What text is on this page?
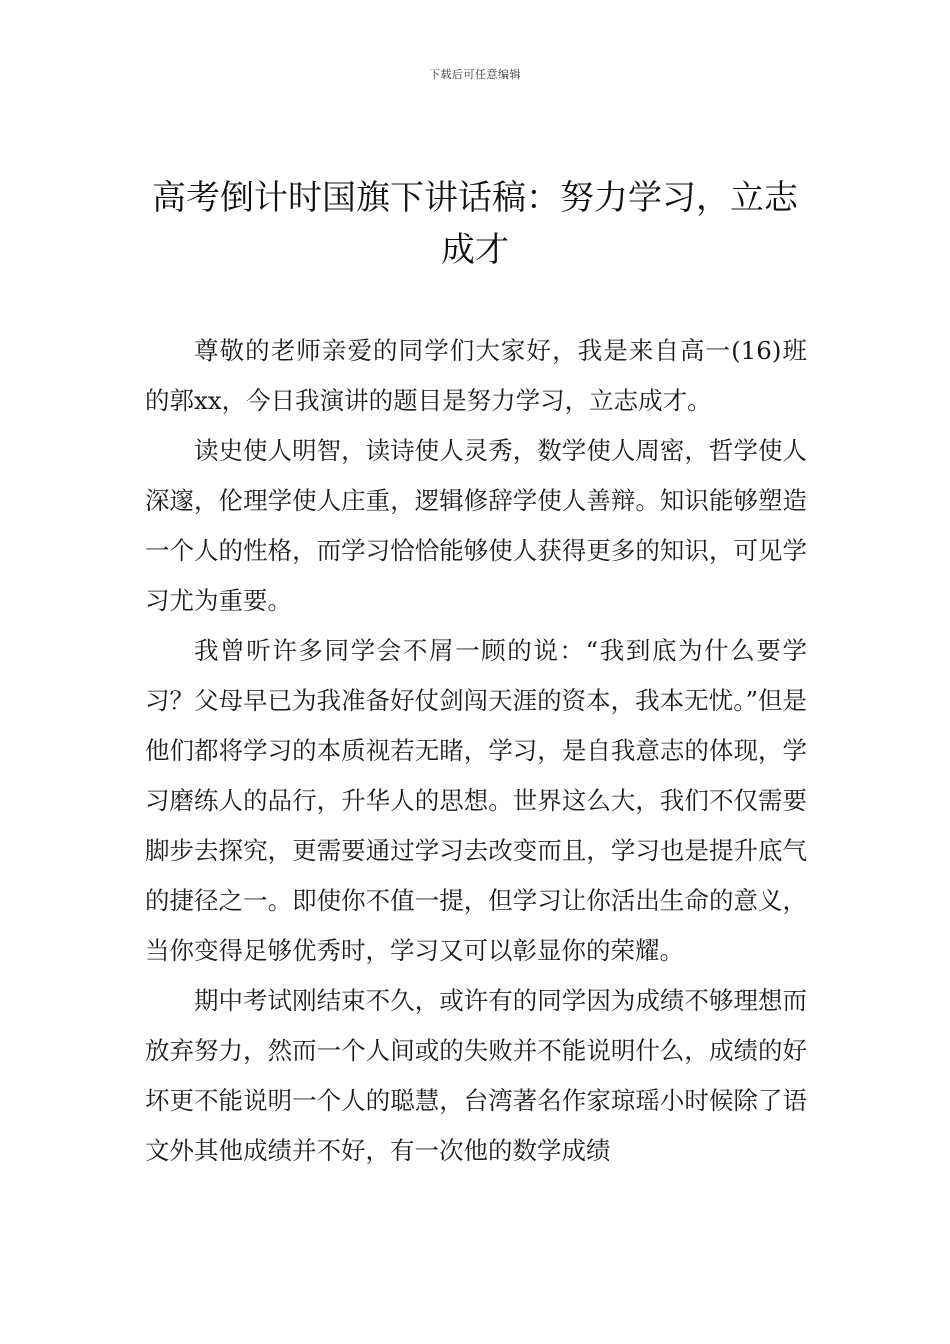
下载后可任意编辑
高考倒计时国旗下讲话稿：努力学习，立志成才

尊敬的老师亲爱的同学们大家好，我是来自高一(16)班的郭xx，今日我演讲的题目是努力学习，立志成才。

读史使人明智，读诗使人灵秀，数学使人周密，哲学使人深邃，伦理学使人庄重，逻辑修辞学使人善辩。知识能够塑造一个人的性格，而学习恰恰能够使人获得更多的知识，可见学习尤为重要。

我曾听许多同学会不屑一顾的说：“我到底为什么要学习？父母早已为我准备好仗剑闯天涯的资本，我本无忧。”但是他们都将学习的本质视若无睹，学习，是自我意志的体现，学习磨练人的品行，升华人的思想。世界这么大，我们不仅需要脚步去探究，更需要通过学习去改变而且，学习也是提升底气的捷径之一。即使你不值一提，但学习让你活出生命的意义，当你变得足够优秀时，学习又可以彰显你的荣耀。

期中考试刚结束不久，或许有的同学因为成绩不够理想而放弃努力，然而一个人间或的失败并不能说明什么，成绩的好坏更不能说明一个人的聪慧，台湾著名作家琼瑶小时候除了语文外其他成绩并不好，有一次他的数学成绩
